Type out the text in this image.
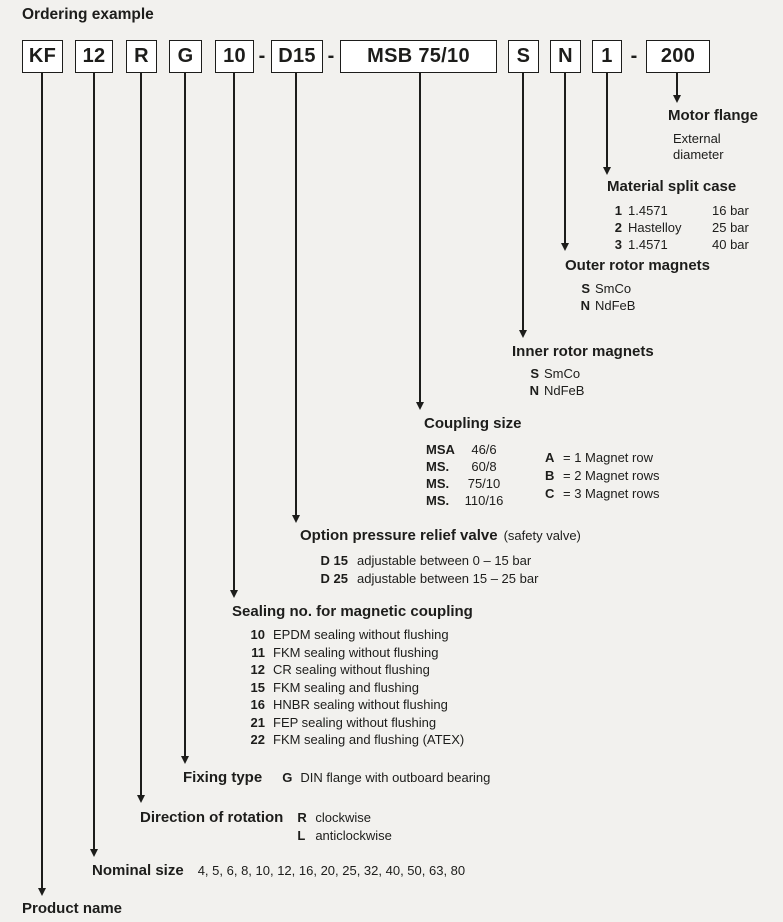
Ordering example
KF	12	R	G	10 - D15 -	MSB 75/10	S	N	1 -	200
Motor flange
External
diameter
Material split case
1 1.4571	16 bar
2 Hastelloy	25 bar
3 1.4571	40 bar
Outer rotor magnets
S SmCo
N NdFeB
Inner rotor magnets
S SmCo
N NdFeB
Coupling size
MSA	46/6
MS.	60/8
MS.	75/10
MS.	110/16
A = 1 Magnet row
B = 2 Magnet rows
C = 3 Magnet rows
Option pressure relief valve (safety valve)
D 15 adjustable between 0 – 15 bar
D 25 adjustable between 15 – 25 bar
Sealing no. for magnetic coupling
10 EPDM sealing without flushing
11 FKM sealing without flushing
12 CR sealing without flushing
15 FKM sealing and flushing
16 HNBR sealing without flushing
21 FEP sealing without flushing
22 FKM sealing and flushing (ATEX)
Fixing type G DIN flange with outboard bearing
Direction of rotation R clockwise
L anticlockwise
Nominal size 4, 5, 6, 8, 10, 12, 16, 20, 25, 32, 40, 50, 63, 80
Product name
